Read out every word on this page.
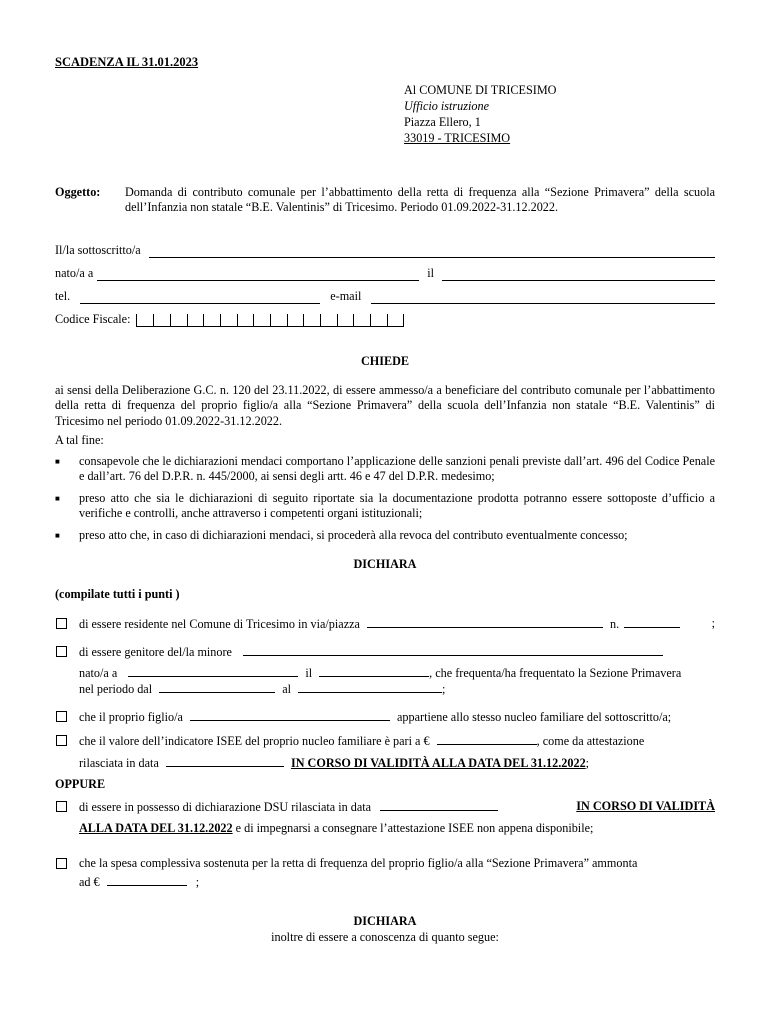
SCADENZA IL 31.01.2023
Al COMUNE DI TRICESIMO
Ufficio istruzione
Piazza Ellero, 1
33019 - TRICESIMO
Oggetto: Domanda di contributo comunale per l’abbattimento della retta di frequenza alla “Sezione Primavera” della scuola dell’Infanzia non statale “B.E. Valentinis” di Tricesimo. Periodo 01.09.2022-31.12.2022.
Il/la sottoscritto/a
nato/a a	il
tel.	e-mail
Codice Fiscale:
CHIEDE
ai sensi della Deliberazione G.C. n. 120 del 23.11.2022, di essere ammesso/a a beneficiare del contributo comunale per l’abbattimento della retta di frequenza del proprio figlio/a alla “Sezione Primavera” della scuola dell’Infanzia non statale “B.E. Valentinis” di Tricesimo nel periodo 01.09.2022-31.12.2022.
A tal fine:
■	consapevole che le dichiarazioni mendaci comportano l’applicazione delle sanzioni penali previste dall’art. 496 del Codice Penale e dall’art. 76 del D.P.R. n. 445/2000, ai sensi degli artt. 46 e 47 del D.P.R. medesimo;
■	preso atto che sia le dichiarazioni di seguito riportate sia la documentazione prodotta potranno essere sottoposte d’ufficio a verifiche e controlli, anche attraverso i competenti organi istituzionali;
■	preso atto che, in caso di dichiarazioni mendaci, si procederà alla revoca del contributo eventualmente concesso;
DICHIARA
(compilate tutti i punti )
di essere residente nel Comune di Tricesimo in via/piazza	n.	;
di essere genitore del/la minore
nato/a a	il	, che frequenta/ha frequentato la Sezione Primavera
nel periodo dal	al	;
che il proprio figlio/a	appartiene allo stesso nucleo familiare del sottoscritto/a;
che il valore dell’indicatore ISEE del proprio nucleo familiare è pari a €	, come da attestazione
rilasciata in data	IN CORSO DI VALIDITÀ ALLA DATA DEL 31.12.2022;
OPPURE
di essere in possesso di dichiarazione DSU rilasciata in data	IN CORSO DI VALIDITÀ
ALLA DATA DEL 31.12.2022 e di impegnarsi a consegnare l’attestazione ISEE non appena disponibile;
che la spesa complessiva sostenuta per la retta di frequenza del proprio figlio/a alla “Sezione Primavera” ammonta
ad €	;
DICHIARA
inoltre di essere a conoscenza di quanto segue:
